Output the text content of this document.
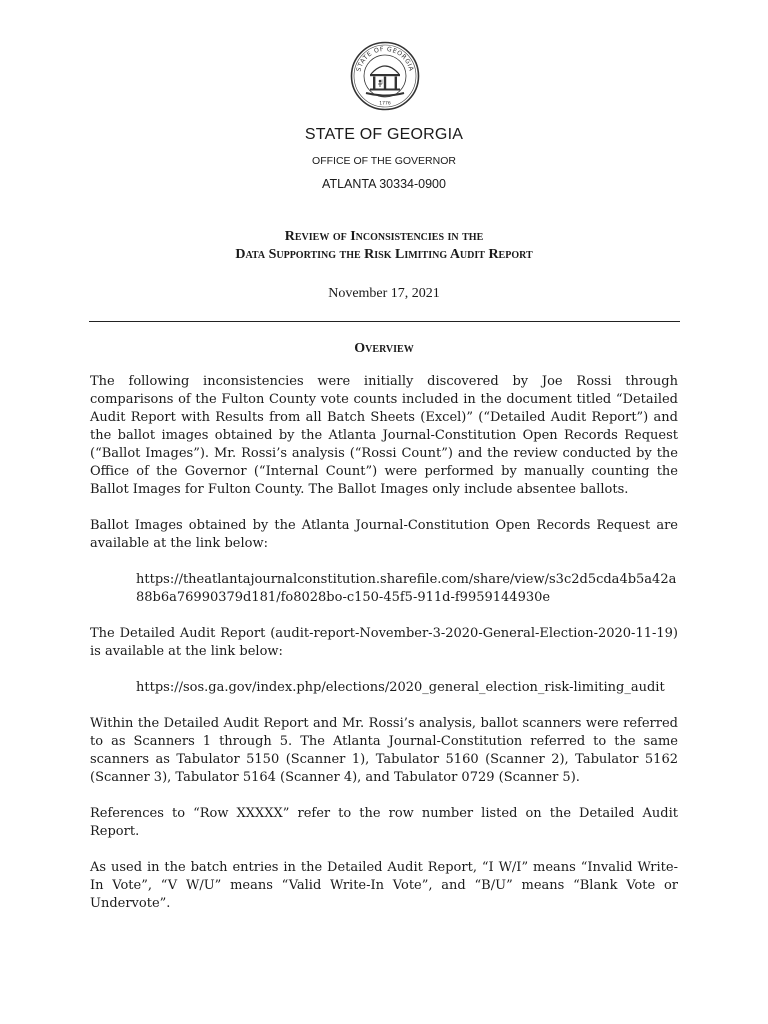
STATE OF GEORGIA
1776
STATE OF GEORGIA
OFFICE OF THE GOVERNOR
ATLANTA 30334-0900
Review of Inconsistencies in the
Data Supporting the Risk Limiting Audit Report
November 17, 2021
Overview

The following inconsistencies were initially discovered by Joe Rossi through comparisons of the Fulton County vote counts included in the document titled “Detailed Audit Report with Results from all Batch Sheets (Excel)” (“Detailed Audit Report”) and the ballot images obtained by the Atlanta Journal-Constitution Open Records Request (“Ballot Images”). Mr. Rossi’s analysis (“Rossi Count”) and the review conducted by the Office of the Governor (“Internal Count”) were performed by manually counting the Ballot Images for Fulton County. The Ballot Images only include absentee ballots.

Ballot Images obtained by the Atlanta Journal-Constitution Open Records Request are available at the link below:

https://theatlantajournalconstitution.sharefile.com/share/view/s3c2d5cda4b5a42a88b6a76990379d181/fo8028bo-c150-45f5-911d-f9959144930e

The Detailed Audit Report (audit-report-November-3-2020-General-Election-2020-11-19) is available at the link below:

https://sos.ga.gov/index.php/elections/2020_general_election_risk-limiting_audit

Within the Detailed Audit Report and Mr. Rossi’s analysis, ballot scanners were referred to as Scanners 1 through 5. The Atlanta Journal-Constitution referred to the same scanners as Tabulator 5150 (Scanner 1), Tabulator 5160 (Scanner 2), Tabulator 5162 (Scanner 3), Tabulator 5164 (Scanner 4), and Tabulator 0729 (Scanner 5).

References to “Row XXXXX” refer to the row number listed on the Detailed Audit Report.

As used in the batch entries in the Detailed Audit Report, “I W/I” means “Invalid Write-In Vote”, “V W/U” means “Valid Write-In Vote”, and “B/U” means “Blank Vote or Undervote”.
